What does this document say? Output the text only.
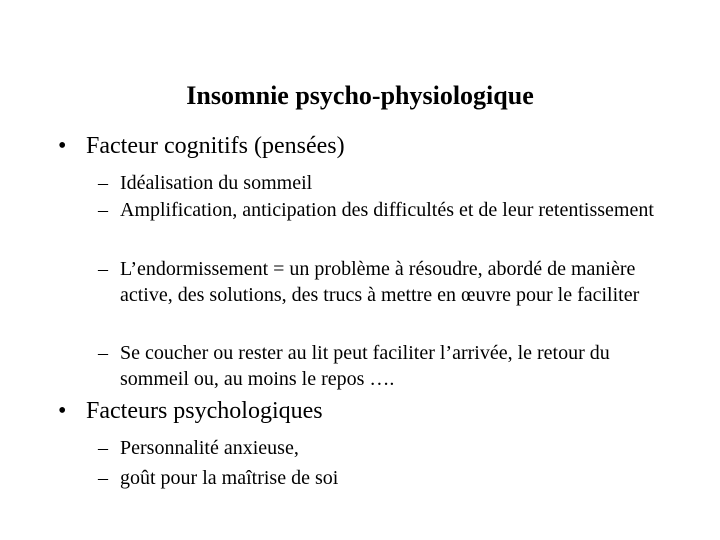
Insomnie psycho-physiologique
• Facteur cognitifs (pensées)
– Idéalisation du sommeil
– Amplification, anticipation des difficultés et de leur retentissement
– L’endormissement = un problème à résoudre, abordé de manière active, des solutions, des trucs à mettre en œuvre pour le faciliter
– Se coucher ou rester au lit peut faciliter l’arrivée, le retour du sommeil ou, au moins le repos ….
• Facteurs psychologiques
– Personnalité anxieuse,
– goût pour la maîtrise de soi
